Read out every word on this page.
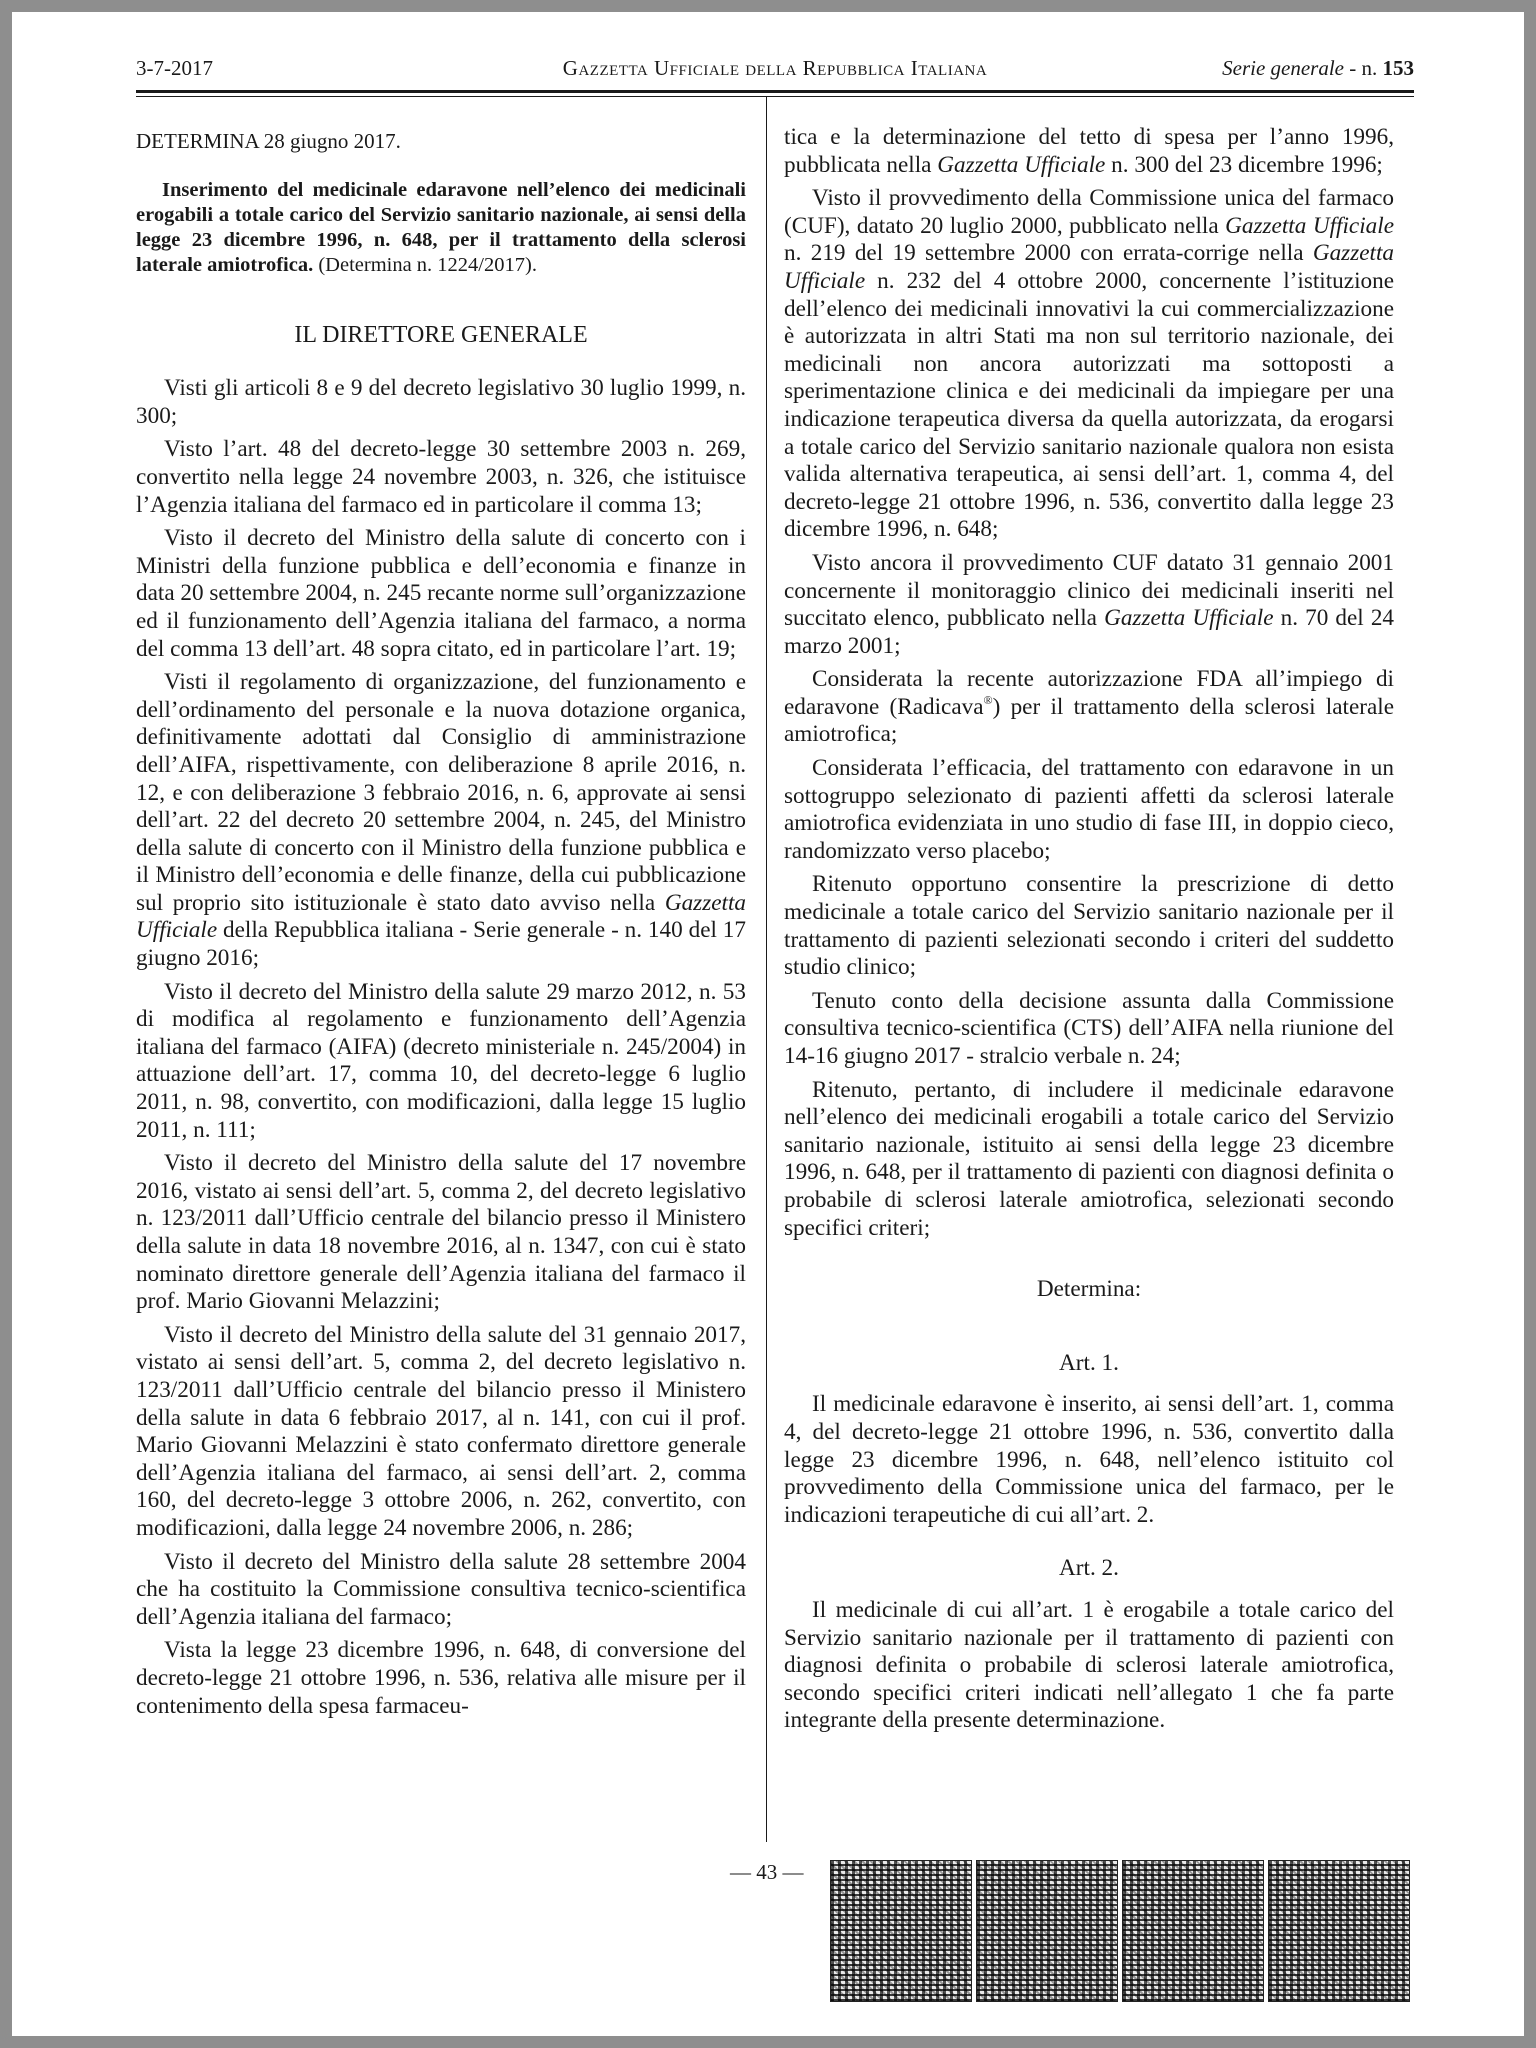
3-7-2017	Gazzetta Ufficiale della Repubblica Italiana	Serie generale - n. 153

DETERMINA 28 giugno 2017.

Inserimento del medicinale edaravone nell’elenco dei medicinali erogabili a totale carico del Servizio sanitario nazionale, ai sensi della legge 23 dicembre 1996, n. 648, per il trattamento della sclerosi laterale amiotrofica. (Determina n. 1224/2017).

IL DIRETTORE GENERALE

Visti gli articoli 8 e 9 del decreto legislativo 30 luglio 1999, n. 300;

Visto l’art. 48 del decreto-legge 30 settembre 2003 n. 269, convertito nella legge 24 novembre 2003, n. 326, che istituisce l’Agenzia italiana del farmaco ed in particolare il comma 13;

Visto il decreto del Ministro della salute di concerto con i Ministri della funzione pubblica e dell’economia e finanze in data 20 settembre 2004, n. 245 recante norme sull’organizzazione ed il funzionamento dell’Agenzia italiana del farmaco, a norma del comma 13 dell’art. 48 sopra citato, ed in particolare l’art. 19;

Visti il regolamento di organizzazione, del funzionamento e dell’ordinamento del personale e la nuova dotazione organica, definitivamente adottati dal Consiglio di amministrazione dell’AIFA, rispettivamente, con deliberazione 8 aprile 2016, n. 12, e con deliberazione 3 febbraio 2016, n. 6, approvate ai sensi dell’art. 22 del decreto 20 settembre 2004, n. 245, del Ministro della salute di concerto con il Ministro della funzione pubblica e il Ministro dell’economia e delle finanze, della cui pubblicazione sul proprio sito istituzionale è stato dato avviso nella Gazzetta Ufficiale della Repubblica italiana - Serie generale - n. 140 del 17 giugno 2016;

Visto il decreto del Ministro della salute 29 marzo 2012, n. 53 di modifica al regolamento e funzionamento dell’Agenzia italiana del farmaco (AIFA) (decreto ministeriale n. 245/2004) in attuazione dell’art. 17, comma 10, del decreto-legge 6 luglio 2011, n. 98, convertito, con modificazioni, dalla legge 15 luglio 2011, n. 111;

Visto il decreto del Ministro della salute del 17 novembre 2016, vistato ai sensi dell’art. 5, comma 2, del decreto legislativo n. 123/2011 dall’Ufficio centrale del bilancio presso il Ministero della salute in data 18 novembre 2016, al n. 1347, con cui è stato nominato direttore generale dell’Agenzia italiana del farmaco il prof. Mario Giovanni Melazzini;

Visto il decreto del Ministro della salute del 31 gennaio 2017, vistato ai sensi dell’art. 5, comma 2, del decreto legislativo n. 123/2011 dall’Ufficio centrale del bilancio presso il Ministero della salute in data 6 febbraio 2017, al n. 141, con cui il prof. Mario Giovanni Melazzini è stato confermato direttore generale dell’Agenzia italiana del farmaco, ai sensi dell’art. 2, comma 160, del decreto-legge 3 ottobre 2006, n. 262, convertito, con modificazioni, dalla legge 24 novembre 2006, n. 286;

Visto il decreto del Ministro della salute 28 settembre 2004 che ha costituito la Commissione consultiva tecnico-scientifica dell’Agenzia italiana del farmaco;

Vista la legge 23 dicembre 1996, n. 648, di conversione del decreto-legge 21 ottobre 1996, n. 536, relativa alle misure per il contenimento della spesa farmaceu-

tica e la determinazione del tetto di spesa per l’anno 1996, pubblicata nella Gazzetta Ufficiale n. 300 del 23 dicembre 1996;

Visto il provvedimento della Commissione unica del farmaco (CUF), datato 20 luglio 2000, pubblicato nella Gazzetta Ufficiale n. 219 del 19 settembre 2000 con errata-corrige nella Gazzetta Ufficiale n. 232 del 4 ottobre 2000, concernente l’istituzione dell’elenco dei medicinali innovativi la cui commercializzazione è autorizzata in altri Stati ma non sul territorio nazionale, dei medicinali non ancora autorizzati ma sottoposti a sperimentazione clinica e dei medicinali da impiegare per una indicazione terapeutica diversa da quella autorizzata, da erogarsi a totale carico del Servizio sanitario nazionale qualora non esista valida alternativa terapeutica, ai sensi dell’art. 1, comma 4, del decreto-legge 21 ottobre 1996, n. 536, convertito dalla legge 23 dicembre 1996, n. 648;

Visto ancora il provvedimento CUF datato 31 gennaio 2001 concernente il monitoraggio clinico dei medicinali inseriti nel succitato elenco, pubblicato nella Gazzetta Ufficiale n. 70 del 24 marzo 2001;

Considerata la recente autorizzazione FDA all’impiego di edaravone (Radicava®) per il trattamento della sclerosi laterale amiotrofica;

Considerata l’efficacia, del trattamento con edaravone in un sottogruppo selezionato di pazienti affetti da sclerosi laterale amiotrofica evidenziata in uno studio di fase III, in doppio cieco, randomizzato verso placebo;

Ritenuto opportuno consentire la prescrizione di detto medicinale a totale carico del Servizio sanitario nazionale per il trattamento di pazienti selezionati secondo i criteri del suddetto studio clinico;

Tenuto conto della decisione assunta dalla Commissione consultiva tecnico-scientifica (CTS) dell’AIFA nella riunione del 14-16 giugno 2017 - stralcio verbale n. 24;

Ritenuto, pertanto, di includere il medicinale edaravone nell’elenco dei medicinali erogabili a totale carico del Servizio sanitario nazionale, istituito ai sensi della legge 23 dicembre 1996, n. 648, per il trattamento di pazienti con diagnosi definita o probabile di sclerosi laterale amiotrofica, selezionati secondo specifici criteri;

Determina:

Art. 1.

Il medicinale edaravone è inserito, ai sensi dell’art. 1, comma 4, del decreto-legge 21 ottobre 1996, n. 536, convertito dalla legge 23 dicembre 1996, n. 648, nell’elenco istituito col provvedimento della Commissione unica del farmaco, per le indicazioni terapeutiche di cui all’art. 2.

Art. 2.

Il medicinale di cui all’art. 1 è erogabile a totale carico del Servizio sanitario nazionale per il trattamento di pazienti con diagnosi definita o probabile di sclerosi laterale amiotrofica, secondo specifici criteri indicati nell’allegato 1 che fa parte integrante della presente determinazione.

— 43 —
